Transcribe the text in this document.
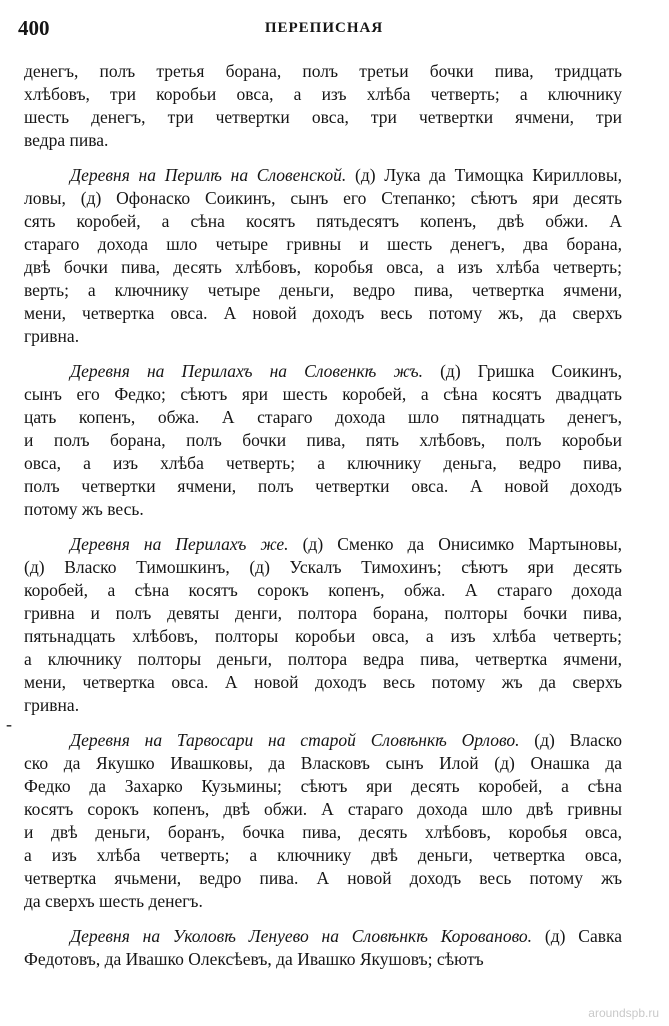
400	ПЕРЕПИСНАЯ
-

денегъ, полъ третья борана, полъ третьи бочки пива, тридцать
хлѣбовъ, три коробьи овса, а изъ хлѣба четверть; а ключнику
шесть денегъ, три четвертки овса, три четвертки ячмени, три
ведра пива.

Деревня на Перилѣ на Словенской. (д) Лука да Тимощка Кирилловы,
ловы, (д) Офонаско Соикинъ, сынъ его Степанко; сѣютъ яри десять
сять коробей, а сѣна косятъ пятьдесятъ копенъ, двѣ обжи. А
стараго дохода шло четыре гривны и шесть денегъ, два борана,
двѣ бочки пива, десять хлѣбовъ, коробья овса, а изъ хлѣба четверть;
верть; а ключнику четыре деньги, ведро пива, четвертка ячмени,
мени, четвертка овса. А новой доходъ весь потому жъ, да сверхъ
гривна.

Деревня на Перилахъ на Словенкѣ жъ. (д) Гришка Соикинъ,
сынъ его Федко; сѣютъ яри шесть коробей, а сѣна косятъ двадцать
цать копенъ, обжа. А стараго дохода шло пятнадцать денегъ,
и полъ борана, полъ бочки пива, пять хлѣбовъ, полъ коробьи
овса, а изъ хлѣба четверть; а ключнику деньга, ведро пива,
полъ четвертки ячмени, полъ четвертки овса. А новой доходъ
потому жъ весь.

Деревня на Перилахъ же. (д) Сменко да Онисимко Мартыновы,
(д) Власко Тимошкинъ, (д) Ускалъ Тимохинъ; сѣютъ яри десять
коробей, а сѣна косятъ сорокъ копенъ, обжа. А стараго дохода
гривна и полъ девяты денги, полтора борана, полторы бочки пива,
пятьнадцать хлѣбовъ, полторы коробьи овса, а изъ хлѣба четверть;
а ключнику полторы деньги, полтора ведра пива, четвертка ячмени,
мени, четвертка овса. А новой доходъ весь потому жъ да сверхъ
гривна.

Деревня на Тарвосари на старой Словѣнкѣ Орлово. (д) Власко
ско да Якушко Ивашковы, да Власковъ сынъ Илой (д) Онашка да
Федко да Захарко Кузьмины; сѣютъ яри десять коробей, а сѣна
косятъ сорокъ копенъ, двѣ обжи. А стараго дохода шло двѣ гривны
и двѣ деньги, боранъ, бочка пива, десять хлѣбовъ, коробья овса,
а изъ хлѣба четверть; а ключнику двѣ деньги, четвертка овса,
четвертка ячьмени, ведро пива. А новой доходъ весь потому жъ
да сверхъ шесть денегъ.

Деревня на Уколовѣ Ленуево на Словѣнкѣ Корованово. (д) Савка
Федотовъ, да Ивашко Олексѣевъ, да Ивашко Якушовъ; сѣютъ

aroundspb.ru
